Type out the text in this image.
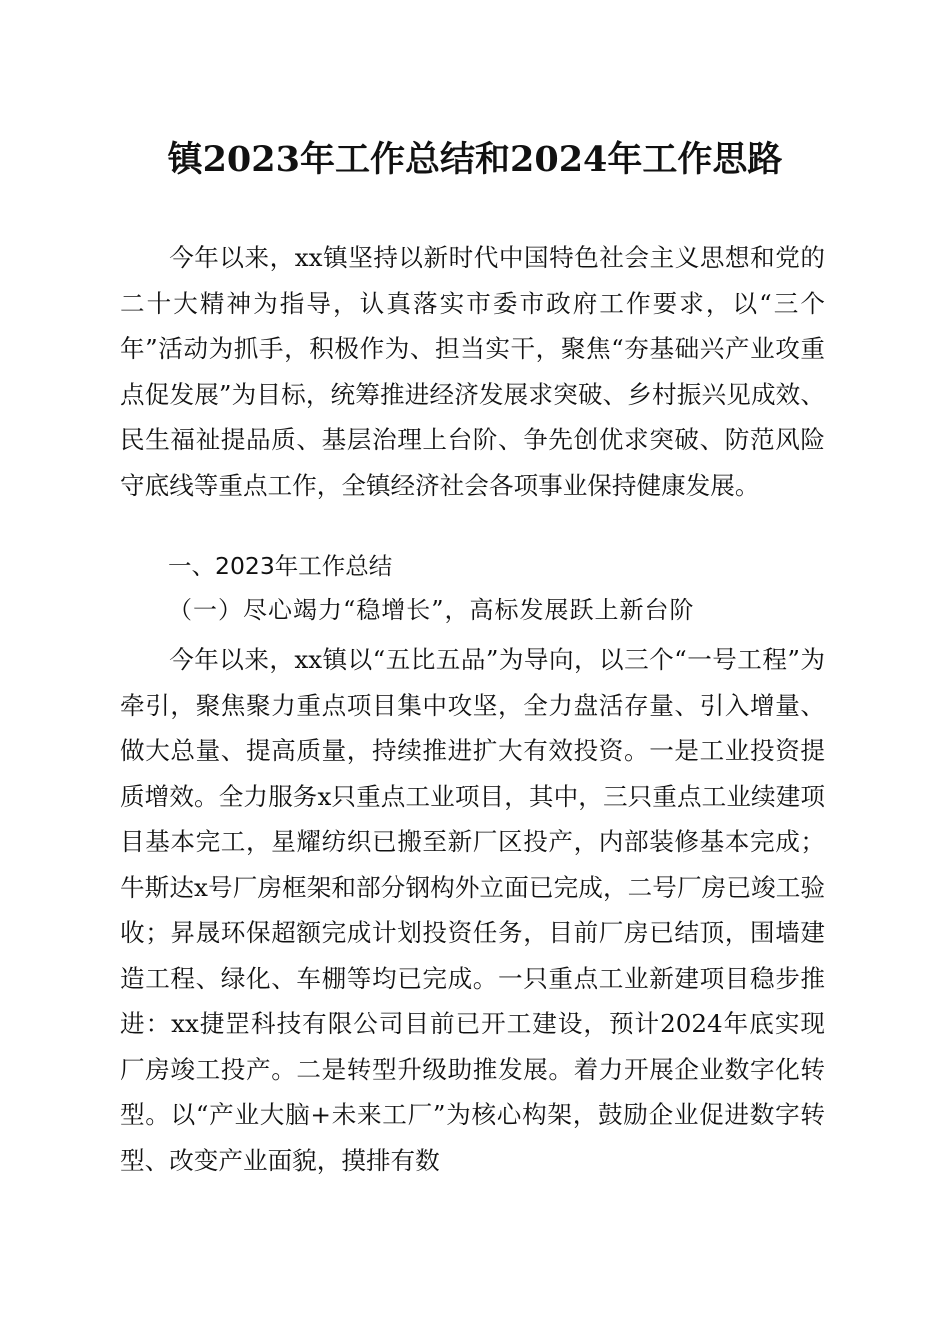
镇2023年工作总结和2024年工作思路

今年以来，xx镇坚持以新时代中国特色社会主义思想和党的二十大精神为指导，认真落实市委市政府工作要求，以“三个年”活动为抓手，积极作为、担当实干，聚焦“夯基础兴产业攻重点促发展”为目标，统筹推进经济发展求突破、乡村振兴见成效、民生福祉提品质、基层治理上台阶、争先创优求突破、防范风险守底线等重点工作，全镇经济社会各项事业保持健康发展。

一、2023年工作总结
（一）尽心竭力“稳增长”，高标发展跃上新台阶

今年以来，xx镇以“五比五品”为导向，以三个“一号工程”为牵引，聚焦聚力重点项目集中攻坚，全力盘活存量、引入增量、做大总量、提高质量，持续推进扩大有效投资。一是工业投资提质增效。全力服务x只重点工业项目，其中，三只重点工业续建项目基本完工，星耀纺织已搬至新厂区投产，内部装修基本完成；牛斯达x号厂房框架和部分钢构外立面已完成，二号厂房已竣工验收；昇晟环保超额完成计划投资任务，目前厂房已结顶，围墙建造工程、绿化、车棚等均已完成。一只重点工业新建项目稳步推进：xx捷罡科技有限公司目前已开工建设，预计2024年底实现厂房竣工投产。二是转型升级助推发展。着力开展企业数字化转型。以“产业大脑+未来工厂”为核心构架，鼓励企业促进数字转型、改变产业面貌，摸排有数
